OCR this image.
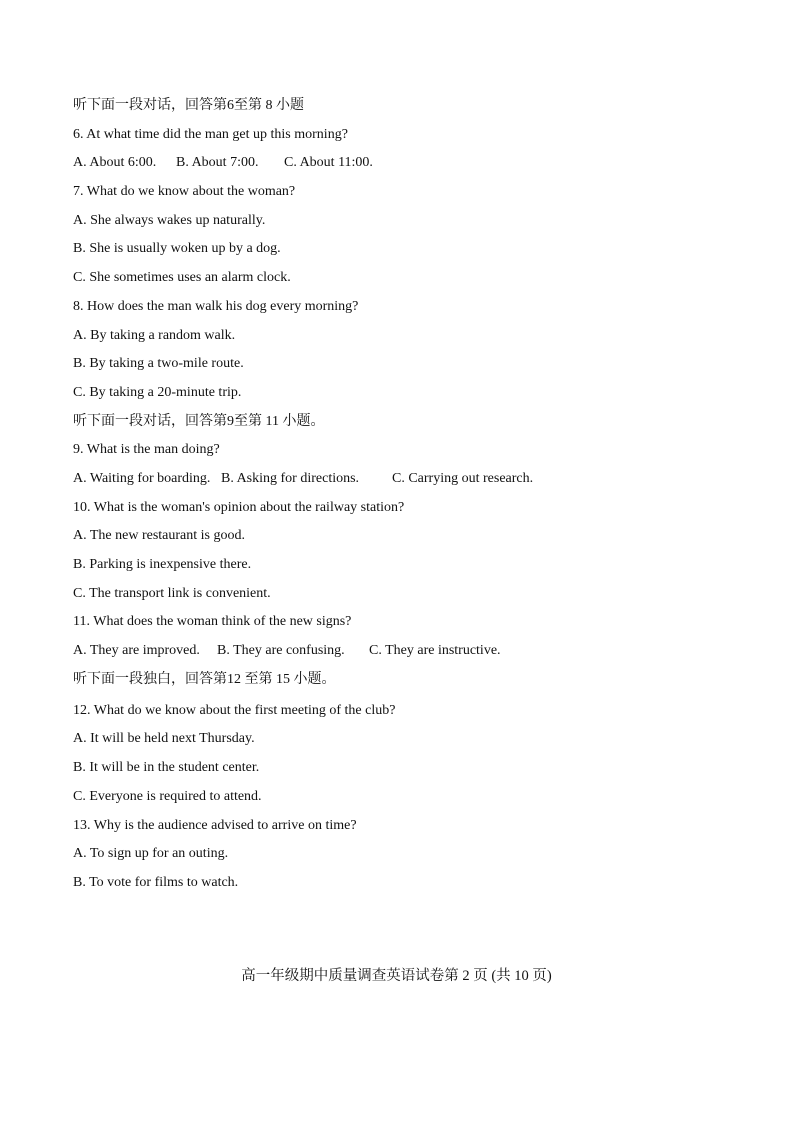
听下面一段对话，回答第6至第 8 小题
6. At what time did the man get up this morning?
A. About 6:00.	B. About 7:00.	C. About 11:00.
7. What do we know about the woman?
A. She always wakes up naturally.
B. She is usually woken up by a dog.
C. She sometimes uses an alarm clock.
8. How does the man walk his dog every morning?
A. By taking a random walk.
B. By taking a two-mile route.
C. By taking a 20-minute trip.
听下面一段对话，回答第9至第 11 小题。
9. What is the man doing?
A. Waiting for boarding. B. Asking for directions.	C. Carrying out research.
10. What is the woman's opinion about the railway station?
A. The new restaurant is good.
B. Parking is inexpensive there.
C. The transport link is convenient.
11. What does the woman think of the new signs?
A. They are improved.	B. They are confusing.	C. They are instructive.
听下面一段独白，回答第12 至第 15 小题。
12. What do we know about the first meeting of the club?
A. It will be held next Thursday.
B. It will be in the student center.
C. Everyone is required to attend.
13. Why is the audience advised to arrive on time?
A. To sign up for an outing.
B. To vote for films to watch.
高一年级期中质量调查英语试卷第 2 页 (共 10 页)
